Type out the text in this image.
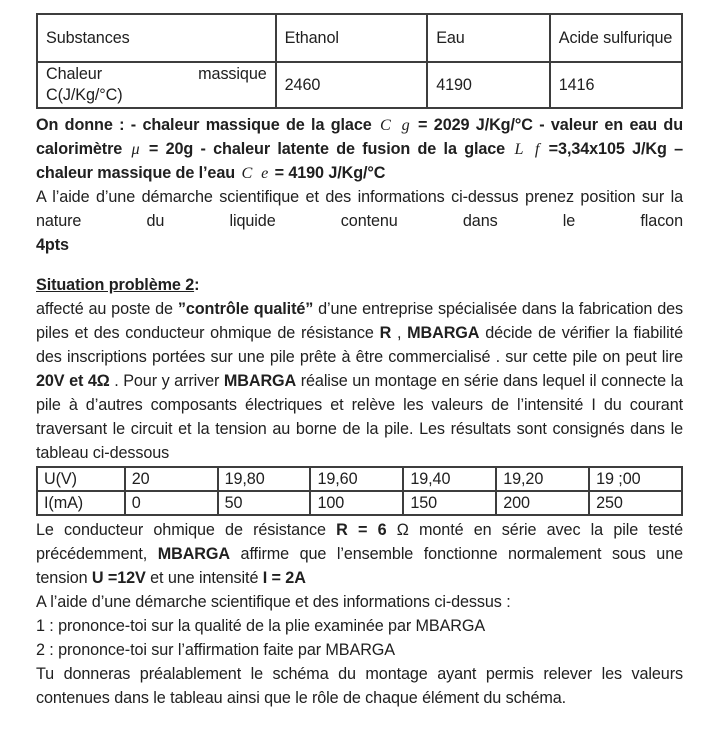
Substances	Ethanol	Eau	Acide sulfurique

Chaleur massique
C(J/Kg/°C)	2460	4190	1416

On donne : - chaleur massique de la glace C g = 2029 J/Kg/°C - valeur en eau du calorimètre μ = 20g - chaleur latente de fusion de la glace L f =3,34x105 J/Kg – chaleur massique de l’eau C e = 4190 J/Kg/°C

A l’aide d’une démarche scientifique et des informations ci-dessus prenez position sur la nature du liquide contenu dans le flacon

4pts

Situation problème 2:

affecté au poste de ”contrôle qualité” d’une entreprise spécialisée dans la fabrication des piles et des conducteur ohmique de résistance R , MBARGA décide de vérifier la fiabilité des inscriptions portées sur une pile prête à être commercialisé . sur cette pile on peut lire 20V et 4Ω . Pour y arriver MBARGA réalise un montage en série dans lequel il connecte la pile à d’autres composants électriques et relève les valeurs de l’intensité I du courant traversant le circuit et la tension au borne de la pile. Les résultats sont consignés dans le tableau ci-dessous

U(V)	20	19,80	19,60	19,40	19,20	19 ;00
I(mA)	0	50	100	150	200	250

Le conducteur ohmique de résistance R = 6 Ω monté en série avec la pile testé précédemment, MBARGA affirme que l’ensemble fonctionne normalement sous une tension U =12V et une intensité I = 2A

A l’aide d’une démarche scientifique et des informations ci-dessus :

1 : prononce-toi sur la qualité de la plie examinée par MBARGA

2 : prononce-toi sur l’affirmation faite par MBARGA

Tu donneras préalablement le schéma du montage ayant permis relever les valeurs contenues dans le tableau ainsi que le rôle de chaque élément du schéma.
